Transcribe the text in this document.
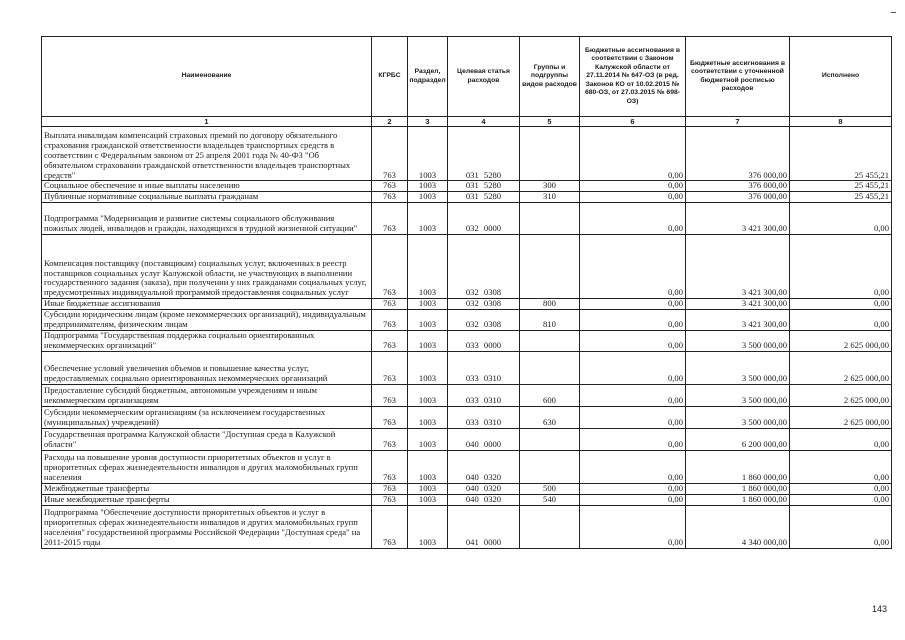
Наименование	КГРБС	Раздел, подраздел	Целевая статья расходов	Группы и подгруппы видов расходов	Бюджетные ассигнования в соответствии с Законом Калужской области от 27.11.2014 № 647-ОЗ (в ред. Законов КО от 10.02.2015 № 680-ОЗ, от 27.03.2015 № 698-ОЗ)	Бюджетные ассигнования в соответствии с уточненной бюджетной росписью расходов	Исполнено
1	2	3	4	5	6	7	8
Выплата инвалидам компенсаций страховых премий по договору обязательного страхования гражданской ответственности владельцев транспортных средств в соответствии с Федеральным законом от 25 апреля 2001 года № 40-ФЗ "Об обязательном страховании гражданской ответственности владельцев транспортных средств"	763	1003	031 5280		0,00	376 000,00	25 455,21
Социальное обеспечение и иные выплаты населению	763	1003	031 5280	300	0,00	376 000,00	25 455,21
Публичные нормативные социальные выплаты гражданам	763	1003	031 5280	310	0,00	376 000,00	25 455,21
Подпрограмма "Модернизация и развитие системы социального обслуживания пожилых людей, инвалидов и граждан, находящихся в трудной жизненной ситуации"	763	1003	032 0000		0,00	3 421 300,00	0,00
Компенсация поставщику (поставщикам) социальных услуг, включенных в реестр поставщиков социальных услуг Калужской области, не участвующих в выполнении государственного задания (заказа), при получении у них гражданами социальных услуг, предусмотренных индивидуальной программой предоставления социальных услуг	763	1003	032 0308		0,00	3 421 300,00	0,00
Иные бюджетные ассигнования	763	1003	032 0308	800	0,00	3 421 300,00	0,00
Субсидии юридическим лицам (кроме некоммерческих организаций), индивидуальным предпринимателям, физическим лицам	763	1003	032 0308	810	0,00	3 421 300,00	0,00
Подпрограмма "Государственная поддержка социально ориентированных некоммерческих организаций"	763	1003	033 0000		0,00	3 500 000,00	2 625 000,00
Обеспечение условий увеличения объемов и повышение качества услуг, предоставляемых социально ориентированных некоммерческих организаций	763	1003	033 0310		0,00	3 500 000,00	2 625 000,00
Предоставление субсидий бюджетным, автономным учреждениям и иным некоммерческим организациям	763	1003	033 0310	600	0,00	3 500 000,00	2 625 000,00
Субсидии некоммерческим организациям (за исключением государственных (муниципальных) учреждений)	763	1003	033 0310	630	0,00	3 500 000,00	2 625 000,00
Государственная программа Калужской области "Доступная среда в Калужской области"	763	1003	040 0000		0,00	6 200 000,00	0,00
Расходы на повышение уровня доступности приоритетных объектов и услуг в приоритетных сферах жизнедеятельности инвалидов и других маломобильных групп населения	763	1003	040 0320		0,00	1 860 000,00	0,00
Межбюджетные трансферты	763	1003	040 0320	500	0,00	1 860 000,00	0,00
Иные межбюджетные трансферты	763	1003	040 0320	540	0,00	1 860 000,00	0,00
Подпрограмма "Обеспечение доступности приоритетных объектов и услуг в приоритетных сферах жизнедеятельности инвалидов и других маломобильных групп населения" государственной программы Российской Федерации "Доступная среда" на 2011-2015 годы	763	1003	041 0000		0,00	4 340 000,00	0,00
143
